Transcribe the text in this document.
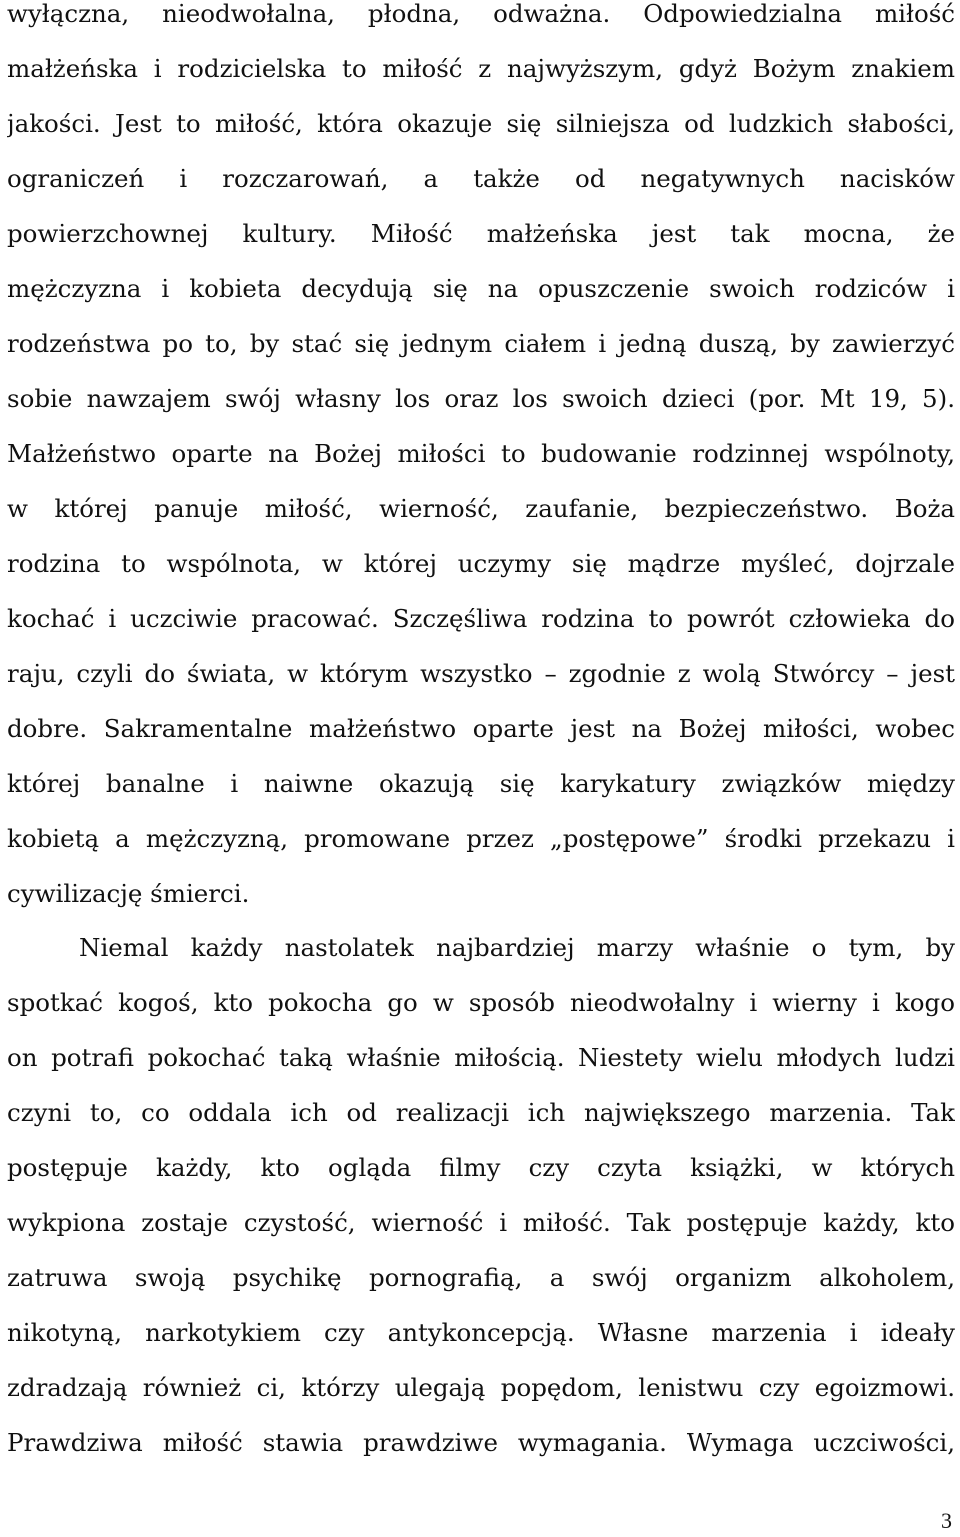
wyłączna, nieodwołalna, płodna, odważna. Odpowiedzialna miłość
małżeńska i rodzicielska to miłość z najwyższym, gdyż Bożym znakiem
jakości. Jest to miłość, która okazuje się silniejsza od ludzkich słabości,
ograniczeń i rozczarowań, a także od negatywnych nacisków
powierzchownej kultury. Miłość małżeńska jest tak mocna, że
mężczyzna i kobieta decydują się na opuszczenie swoich rodziców i
rodzeństwa po to, by stać się jednym ciałem i jedną duszą, by zawierzyć
sobie nawzajem swój własny los oraz los swoich dzieci (por. Mt 19, 5).
Małżeństwo oparte na Bożej miłości to budowanie rodzinnej wspólnoty,
w której panuje miłość, wierność, zaufanie, bezpieczeństwo. Boża
rodzina to wspólnota, w której uczymy się mądrze myśleć, dojrzale
kochać i uczciwie pracować. Szczęśliwa rodzina to powrót człowieka do
raju, czyli do świata, w którym wszystko – zgodnie z wolą Stwórcy – jest
dobre. Sakramentalne małżeństwo oparte jest na Bożej miłości, wobec
której banalne i naiwne okazują się karykatury związków między
kobietą a mężczyzną, promowane przez „postępowe” środki przekazu i
cywilizację śmierci.
Niemal każdy nastolatek najbardziej marzy właśnie o tym, by
spotkać kogoś, kto pokocha go w sposób nieodwołalny i wierny i kogo
on potrafi pokochać taką właśnie miłością. Niestety wielu młodych ludzi
czyni to, co oddala ich od realizacji ich największego marzenia. Tak
postępuje każdy, kto ogląda filmy czy czyta książki, w których
wykpiona zostaje czystość, wierność i miłość. Tak postępuje każdy, kto
zatruwa swoją psychikę pornografią, a swój organizm alkoholem,
nikotyną, narkotykiem czy antykoncepcją. Własne marzenia i ideały
zdradzają również ci, którzy ulegają popędom, lenistwu czy egoizmowi.
Prawdziwa miłość stawia prawdziwe wymagania. Wymaga uczciwości,
3
